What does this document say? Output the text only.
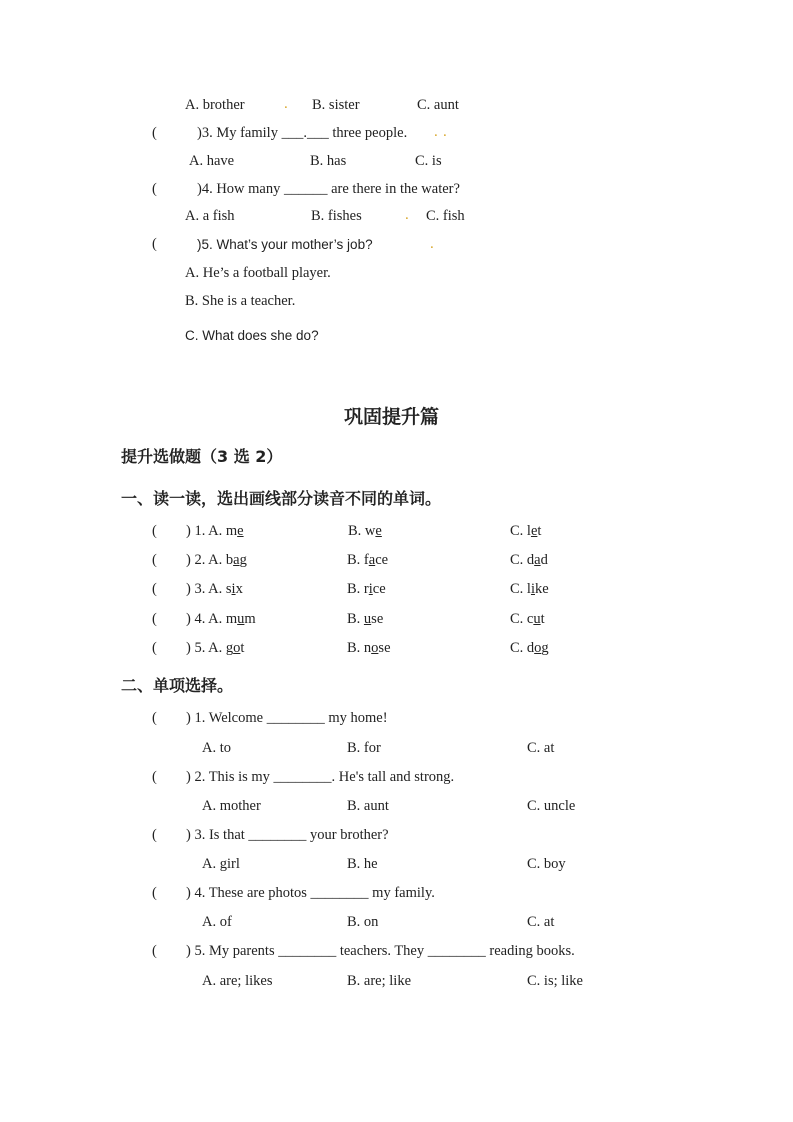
A. brother	. B. sister	C. aunt
(	)3. My family ___.___ three people. . .
A. have	B. has	C. is
(	)4. How many ______ are there in the water?
A. a fish	B. fishes	. C. fish
(	)5. What’s your mother’s job?	.
A. He’s a football player.
B. She is a teacher.
C. What does she do?
巩固提升篇
提升选做题（3 选 2）
一、读一读，选出画线部分读音不同的单词。
( ) 1. A. me	B. we	C. let
( ) 2. A. bag	B. face	C. dad
( ) 3. A. six	B. rice	C. like
( ) 4. A. mum	B. use	C. cut
( ) 5. A. got	B. nose	C. dog
二、单项选择。
( ) 1. Welcome ________ my home!
A. to	B. for	C. at
( ) 2. This is my ________. He's tall and strong.
A. mother	B. aunt	C. uncle
( ) 3. Is that ________ your brother?
A. girl	B. he	C. boy
( ) 4. These are photos ________ my family.
A. of	B. on	C. at
( ) 5. My parents ________ teachers. They ________ reading books.
A. are; likes	B. are; like	C. is; like
